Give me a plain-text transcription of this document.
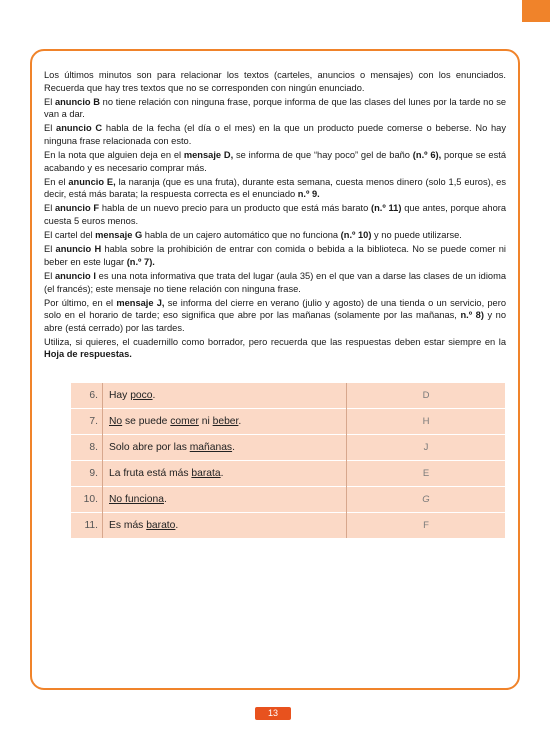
Los últimos minutos son para relacionar los textos (carteles, anuncios o mensajes) con los enunciados. Recuerda que hay tres textos que no se corresponden con ningún enunciado.

El anuncio B no tiene relación con ninguna frase, porque informa de que las clases del lunes por la tarde no se van a dar.

El anuncio C habla de la fecha (el día o el mes) en la que un producto puede comerse o beberse. No hay ninguna frase relacionada con esto.

En la nota que alguien deja en el mensaje D, se informa de que “hay poco” gel de baño (n.º 6), porque se está acabando y es necesario comprar más.

En el anuncio E, la naranja (que es una fruta), durante esta semana, cuesta menos dinero (solo 1,5 euros), es decir, está más barata; la respuesta correcta es el enunciado n.º 9.

El anuncio F habla de un nuevo precio para un producto que está más barato (n.º 11) que antes, porque ahora cuesta 5 euros menos.

El cartel del mensaje G habla de un cajero automático que no funciona (n.º 10) y no puede utilizarse.

El anuncio H habla sobre la prohibición de entrar con comida o bebida a la biblioteca. No se puede comer ni beber en este lugar (n.º 7).

El anuncio I es una nota informativa que trata del lugar (aula 35) en el que van a darse las clases de un idioma (el francés); este mensaje no tiene relación con ninguna frase.

Por último, en el mensaje J, se informa del cierre en verano (julio y agosto) de una tienda o un servicio, pero solo en el horario de tarde; eso significa que abre por las mañanas (solamente por las mañanas, n.º 8) y no abre (está cerrado) por las tardes.

Utiliza, si quieres, el cuadernillo como borrador, pero recuerda que las respuestas deben estar siempre en la Hoja de respuestas.

6.	Hay poco.	D
7.	No se puede comer ni beber.	H
8.	Solo abre por las mañanas.	J
9.	La fruta está más barata.	E
10.	No funciona.	G
11.	Es más barato.	F
13
